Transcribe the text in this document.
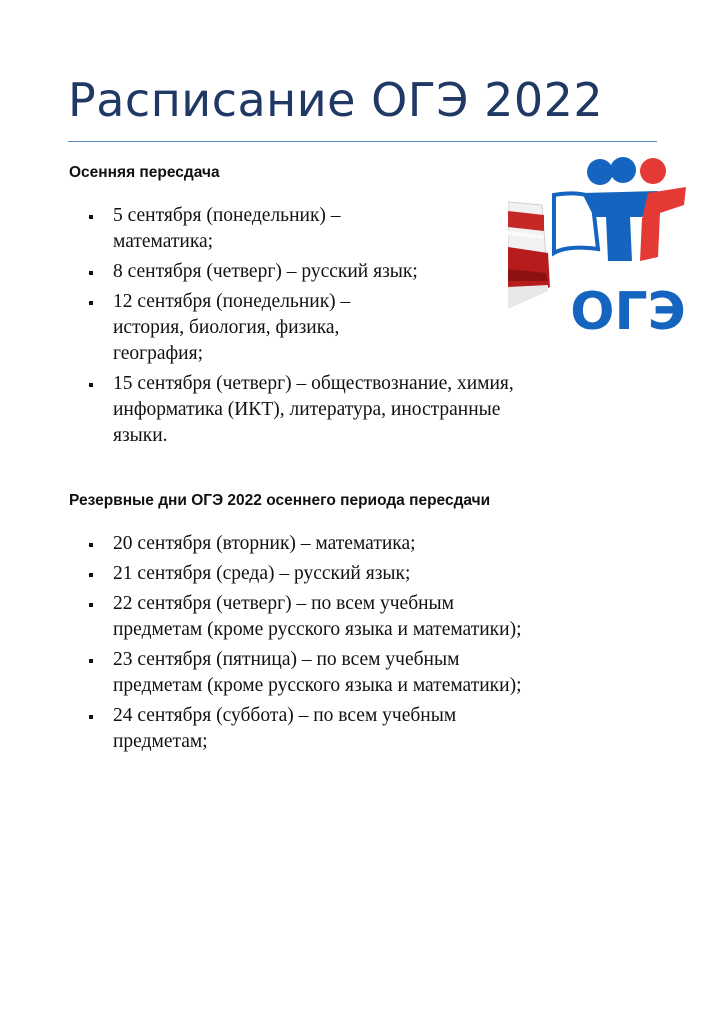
Расписание ОГЭ 2022
Осенняя пересдача
5 сентября (понедельник) –
математика;
8 сентября (четверг) – русский язык;
12 сентября (понедельник) –
история, биология, физика,
география;
15 сентября (четверг) – обществознание, химия,
информатика (ИКТ), литература, иностранные
языки.
Резервные дни ОГЭ 2022 осеннего периода пересдачи
20 сентября (вторник) – математика;
21 сентября (среда) – русский язык;
22 сентября (четверг) – по всем учебным
предметам (кроме русского языка и математики);
23 сентября (пятница) – по всем учебным
предметам (кроме русского языка и математики);
24 сентября (суббота) – по всем учебным
предметам;
ОГЭ
